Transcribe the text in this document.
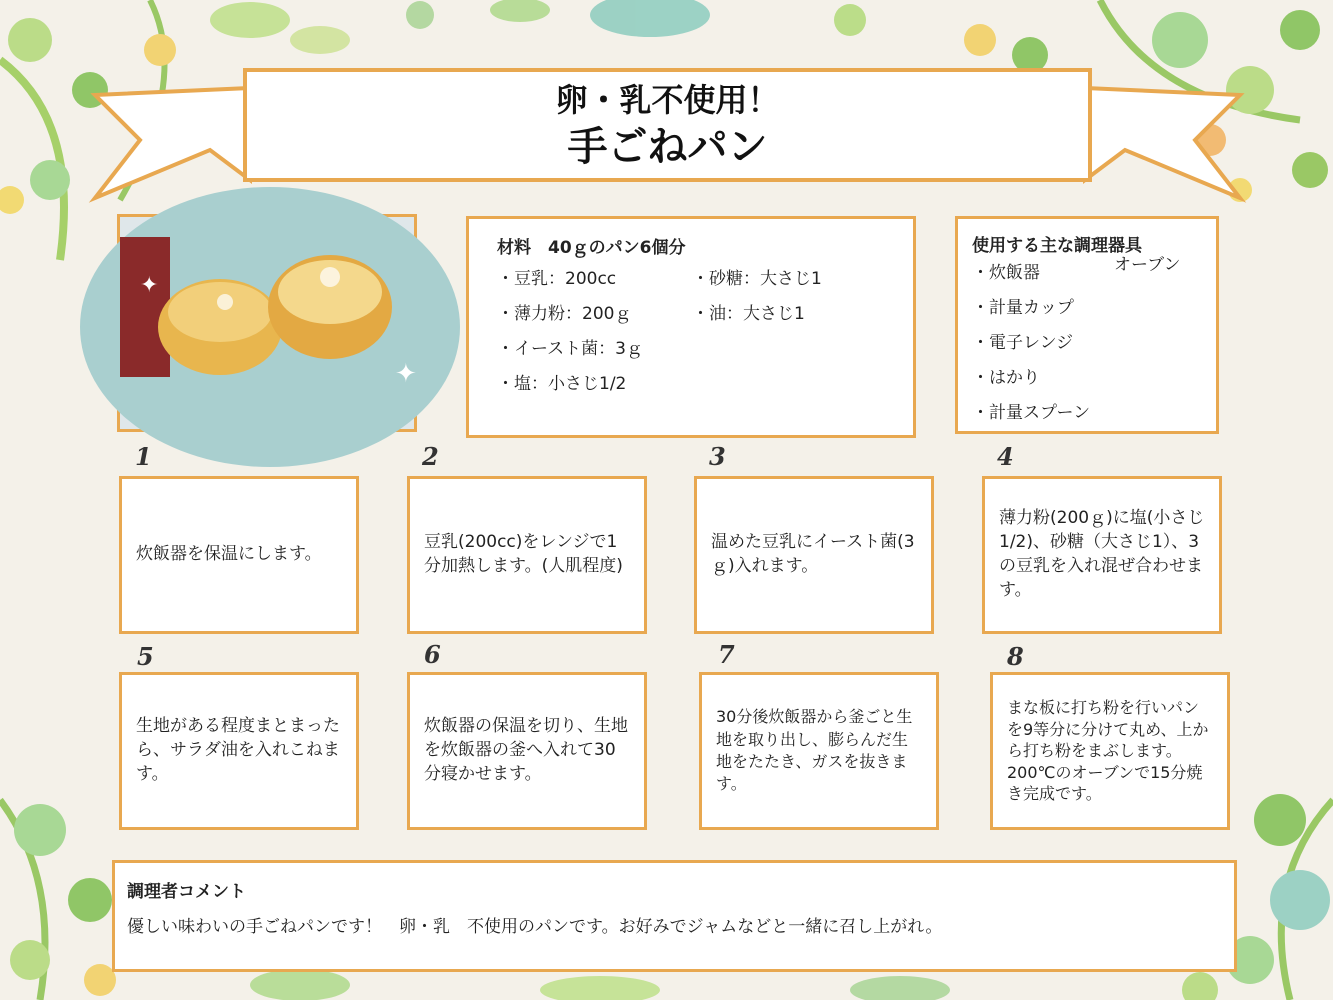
卵・乳不使用！
手ごねパン
✦
✦
材料　40ｇのパン6個分
・豆乳：200cc
・薄力粉：200ｇ
・イースト菌：3ｇ
・塩：小さじ1/2
・砂糖：大さじ1
・油：大さじ1
使用する主な調理器具
・炊飯器
・計量カップ
・電子レンジ
・はかり
・計量スプーン
オーブン
1	2	3	4
5	6	7	8
炊飯器を保温にします。
豆乳(200cc)をレンジで1分加熱します。(人肌程度)
温めた豆乳にイースト菌(3ｇ)入れます。
薄力粉(200ｇ)に塩(小さじ1/2)、砂糖（大さじ1）、3の豆乳を入れ混ぜ合わせます。
生地がある程度まとまったら、サラダ油を入れこねます。
炊飯器の保温を切り、生地を炊飯器の釜へ入れて30分寝かせます。
30分後炊飯器から釜ごと生地を取り出し、膨らんだ生地をたたき、ガスを抜きます。
まな板に打ち粉を行いパンを9等分に分けて丸め、上から打ち粉をまぶします。200℃のオーブンで15分焼き完成です。
調理者コメント
優しい味わいの手ごねパンです！　卵・乳　不使用のパンです。お好みでジャムなどと一緒に召し上がれ。
